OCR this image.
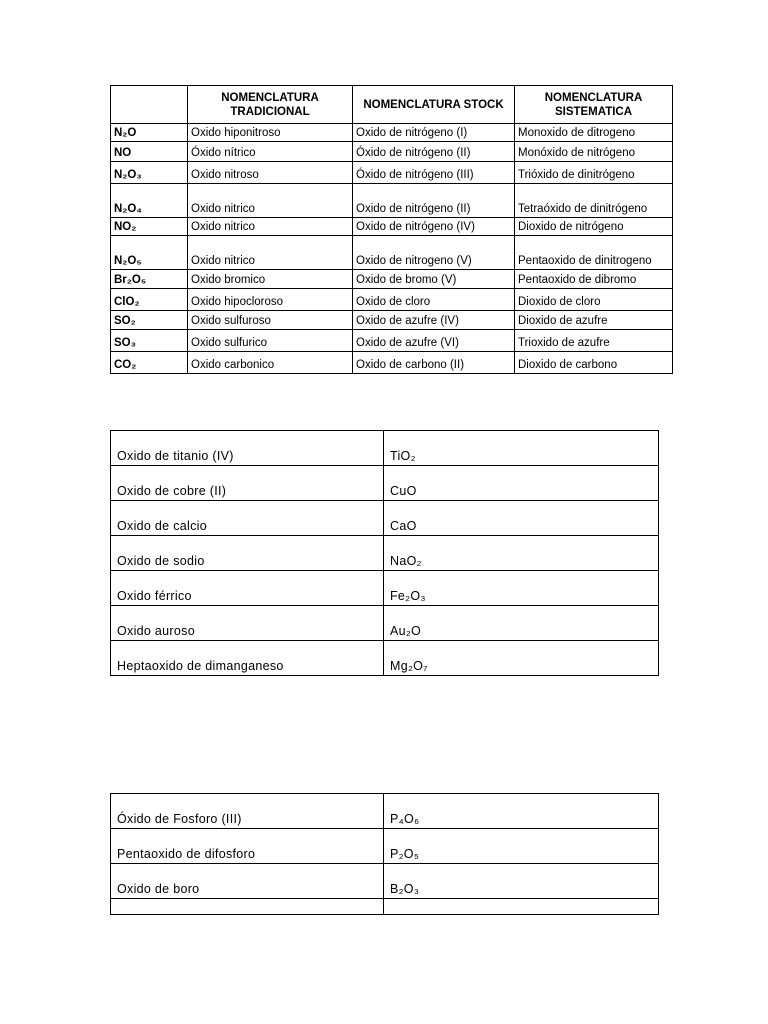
	NOMENCLATURA TRADICIONAL	NOMENCLATURA STOCK	NOMENCLATURA SISTEMATICA
N₂O	Oxido hiponitroso	Oxido de nitrógeno (I)	Monoxido de ditrogeno
NO	Óxido nítrico	Óxido de nitrógeno (II)	Monóxido de nitrógeno
N₂O₃	Oxido nitroso	Óxido de nitrógeno (III)	Trióxido de dinitrógeno
N₂O₄	Oxido nitrico	Oxido de nitrógeno (II)	Tetraóxido de dinitrógeno
NO₂	Oxido nitrico	Oxido de nitrógeno (IV)	Dioxido de nitrógeno
N₂O₅	Oxido nitrico	Oxido de nitrogeno (V)	Pentaoxido de dinitrogeno
Br₂O₅	Oxido bromico	Oxido de bromo (V)	Pentaoxido de dibromo
ClO₂	Oxido hipocloroso	Oxido de cloro	Dioxido de cloro
SO₂	Oxido sulfuroso	Oxido de azufre (IV)	Dioxido de azufre
SO₃	Oxido sulfurico	Oxido de azufre (VI)	Trioxido de azufre
CO₂	Oxido carbonico	Oxido de carbono (II)	Dioxido de carbono
Oxido de titanio (IV)	TiO₂
Oxido de cobre (II)	CuO
Oxido de calcio	CaO
Oxido de sodio	NaO₂
Oxido férrico	Fe₂O₃
Oxido auroso	Au₂O
Heptaoxido de dimanganeso	Mg₂O₇
Óxido de Fosforo (III)	P₄O₆
Pentaoxido de difosforo	P₂O₅
Oxido de boro	B₂O₃
